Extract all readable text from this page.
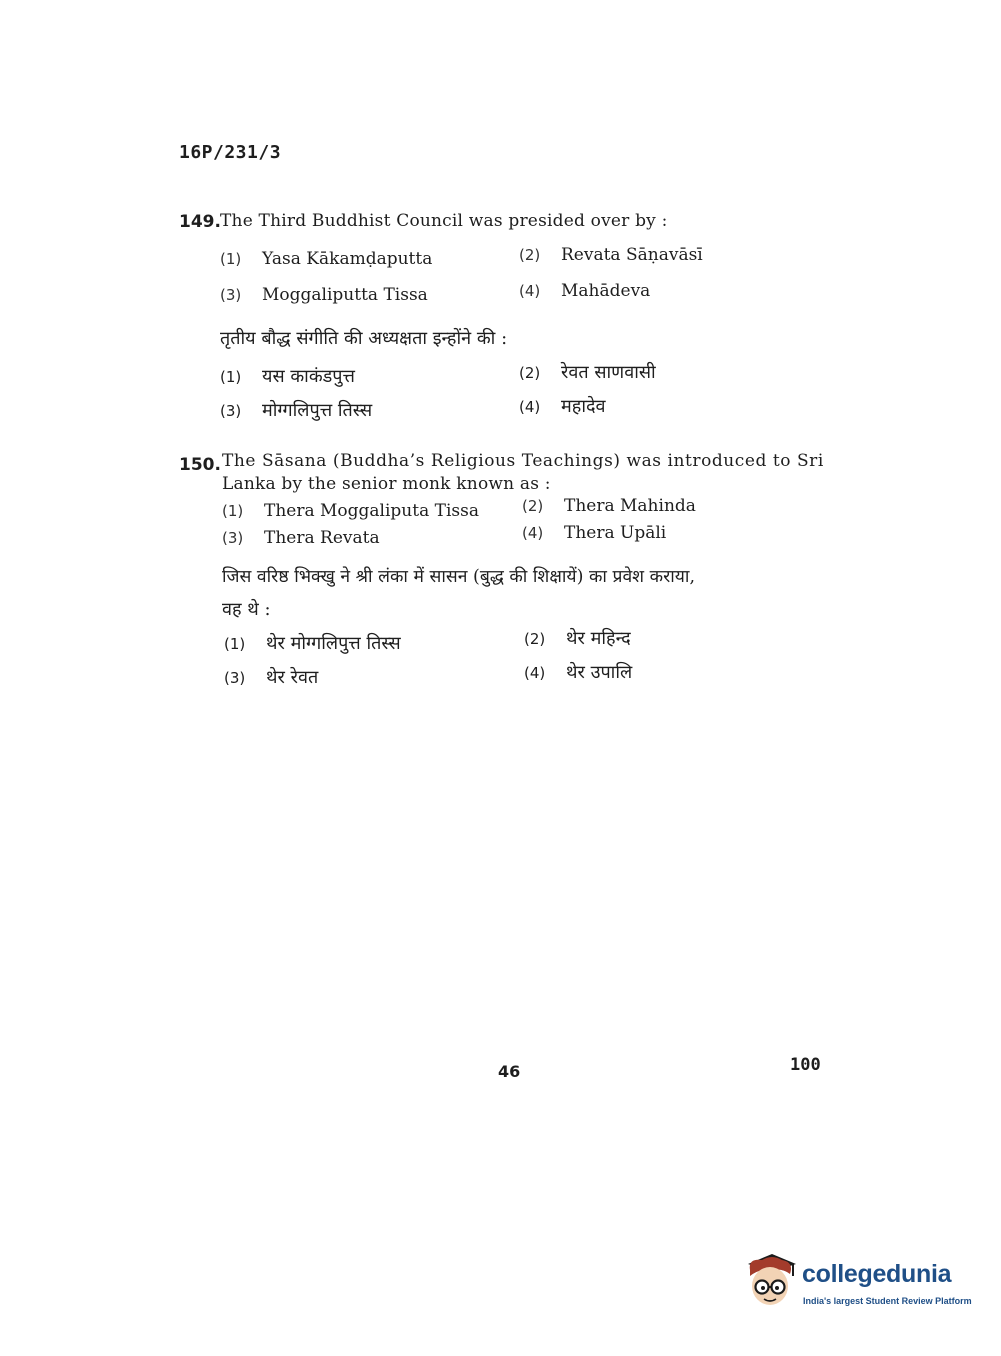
16P/231/3
149. The Third Buddhist Council was presided over by :
(1) Yasa Kākamḍaputta	(2) Revata Sāṇavāsī
(3) Moggaliputta Tissa	(4) Mahādeva
तृतीय बौद्ध संगीति की अध्यक्षता इन्होंने की :
(1) यस काकंडपुत्त	(2) रेवत साणवासी
(3) मोग्गलिपुत्त तिस्स	(4) महादेव
150. The Sāsana (Buddha’s Religious Teachings) was introduced to Sri
Lanka by the senior monk known as :
(1) Thera Moggaliputa Tissa	(2) Thera Mahinda
(3) Thera Revata	(4) Thera Upāli
जिस वरिष्ठ भिक्खु ने श्री लंका में सासन (बुद्ध की शिक्षायें) का प्रवेश कराया,
वह थे :
(1) थेर मोग्गलिपुत्त तिस्स	(2) थेर महिन्द
(3) थेर रेवत	(4) थेर उपालि
46	100
collegedunia
India's largest Student Review Platform
